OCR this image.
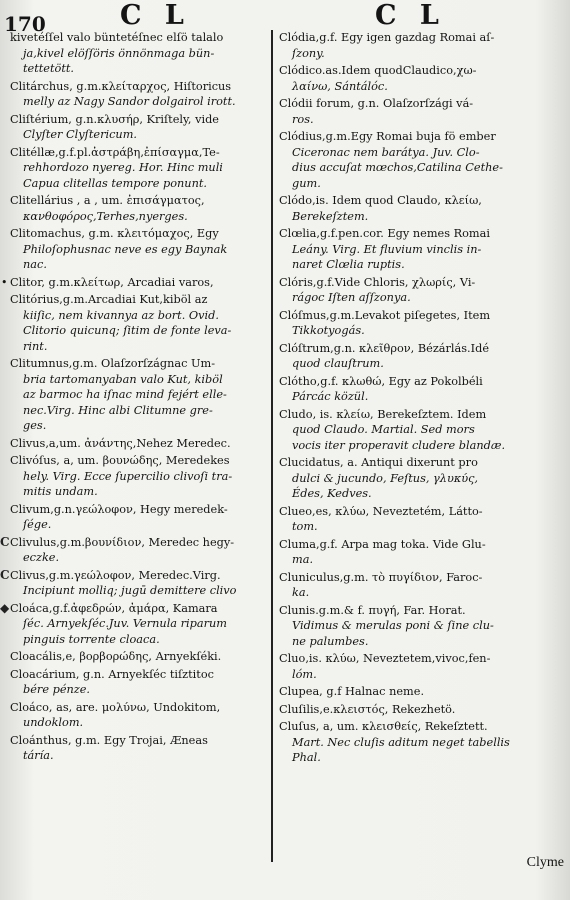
170	C L	C L
kivetéſſel valo büntetéſnec elſö talalo
ja,kivel elöſſöris önnönmaga bün-
tettetött.
Clitárchus, g.m.κλείταρχος, Hiſtoricus
melly az Nagy Sandor dolgairol irott.
Cliſtérium, g.n.κλυσήρ, Kriſtely, vide
Clyſter Clyſtericum.
Clitéllæ,g.f.pl.ἀστράβη,ἐπίσαγμα,Te-
rehhordozo nyereg. Hor. Hinc muli
Capua clitellas tempore ponunt.
Clitellárius , a , um. ἐπισάγματος,
κανθοφόρος,Terhes,nyerges.
Clitomachus, g.m. κλειτόμαχος, Egy
Philoſophusnac neve es egy Baynak
nac.
• Clitor, g.m.κλείτωρ, Arcadiai varos,

Clitórius,g.m.Arcadiai Kut,kiböl az
kiiſic, nem kivannya az bort. Ovid.
Clitorio quicunq; ſitim de fonte leva-
rint.
Clitumnus,g.m. Olaſzorſzágnac Um-
bria tartomanyaban valo Kut, kiböl
az barmoc ha iſnac mind fejért elle-
nec.Virg. Hinc albi Clitumne gre-
ges.
Clivus,a,um. ἀνάντης,Nehez Meredec.
Clivóſus, a, um. βουνώδης, Meredekes
hely. Virg. Ecce ſupercilio clivoſi tra-
mitis undam.
Clivum,g.n.γεώλοφον, Hegy meredek-
ſége.
CClivulus,g.m.βουνίδιον, Meredec hegy-

eczke.
CClivus,g.m.γεώλοφον, Meredec.Virg.

Incipiunt molliq; jugū demittere clivo
◆Cloáca,g.f.ἀφεδρών, ἀμάρα, Kamara

ſéc. Arnyekſéc.Juv. Vernula riparum
pinguis torrente cloaca.
Cloacális,e, βορβορώδης, Arnyekſéki.
Cloacárium, g.n. Arnyekſéc tiſztitoc
bére pénze.
Cloáco, as, are. μολύνω, Undokitom,
undoklom.
Cloánthus, g.m. Egy Trojai, Æneas
táría.
Clódia,g.f. Egy igen gazdag Romai aſ-
ſzony.
Clódico.as.Idem quodClaudico,χω-
λαίνω, Sántálóc.
Clódii forum, g.n. Olaſzorſzági vá-
ros.
Clódius,g.m.Egy Romai buja fö ember
Ciceronac nem barátya. Juv. Clo-
dius accuſat mœchos,Catilina Cethe-
gum.
Clódo,is. Idem quod Claudo, κλείω,
Berekeſztem.
Clœlia,g.f.pen.cor. Egy nemes Romai
Leány. Virg. Et fluvium vinclis in-
naret Clœlia ruptis.
Clóris,g.f.Vide Chloris, χλωρίς, Vi-
rágoc Iſten aſſzonya.
Clóſmus,g.m.Levakot piſegetes, Item
Tikkotyogás.
Clóſtrum,g.n. κλεῖθρον, Bézárlás.Idé
quod clauſtrum.
Clótho,g.f. κλωθώ, Egy az Pokolbéli
Párcác közül.
Cludo, is. κλείω, Berekeſztem. Idem
quod Claudo. Martial. Sed mors
vocis iter properavit cludere blandæ.
Clucidatus, a. Antiqui dixerunt pro
dulci & jucundo, Feſtus, γλυκύς,
Édes, Kedves.
Clueo,es, κλύω, Neveztetém, Látto-
tom.
Cluma,g.f. Arpa mag toka. Vide Glu-
ma.
Cluniculus,g.m. τὸ πυγίδιον, Faroc-
ka.
Clunis.g.m.& f. πυγή, Far. Horat.
Vidimus & merulas poni & ſine clu-
ne palumbes.
Cluo,is. κλύω, Neveztetem,vivoc,fen-
lóm.
Clupea, g.f Halnac neme.
Cluſilis,e.κλειστός, Rekezhetö.
Cluſus, a, um. κλεισθείς, Rekeſztett.
Mart. Nec cluſis aditum neget tabellis
Phal.
Clyme
